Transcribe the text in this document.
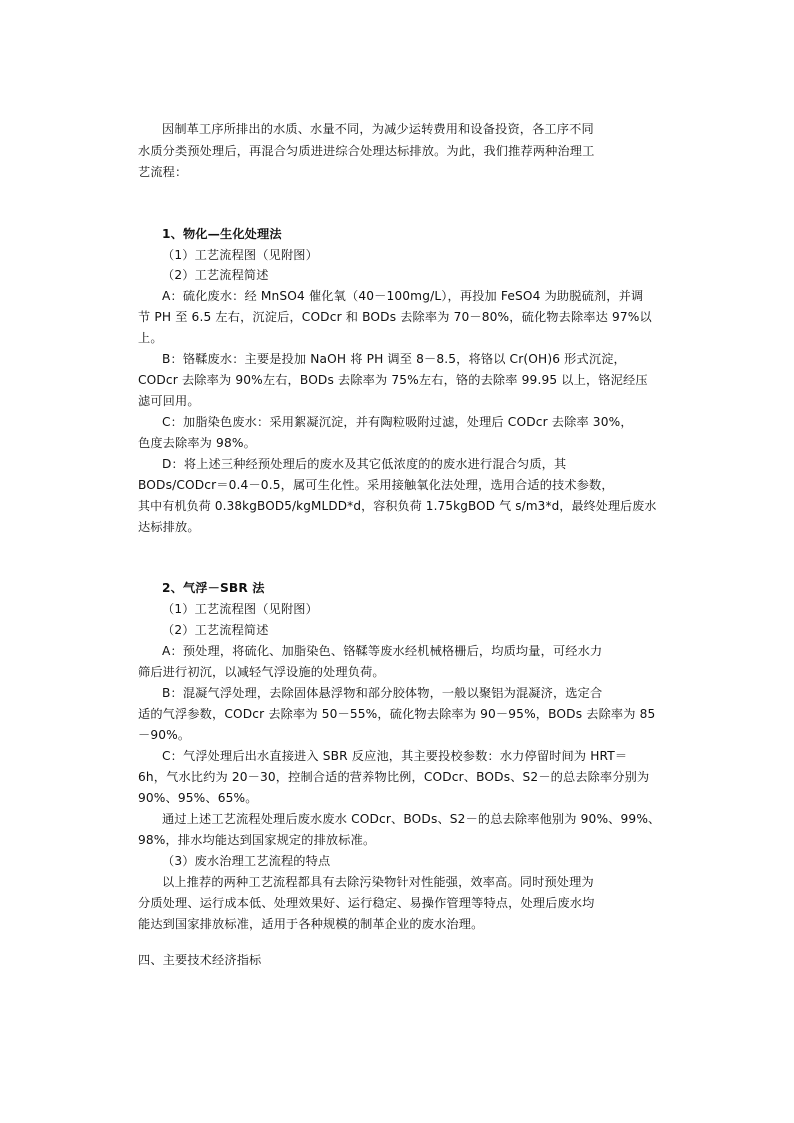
因制革工序所排出的水质、水量不同，为减少运转费用和设备投资，各工序不同
水质分类预处理后，再混合匀质进进综合处理达标排放。为此，我们推荐两种治理工
艺流程：
1、物化—生化处理法
（1）工艺流程图（见附图）
（2）工艺流程简述
A：硫化废水：经 MnSO4 催化氧（40－100mg/L），再投加 FeSO4 为助脱硫剂，并调
节 PH 至 6.5 左右，沉淀后，CODcr 和 BODs 去除率为 70－80%，硫化物去除率达 97%以
上。
B：铬鞣废水：主要是投加 NaOH 将 PH 调至 8－8.5，将铬以 Cr(OH)6 形式沉淀，
CODcr 去除率为 90%左右，BODs 去除率为 75%左右，铬的去除率 99.95 以上，铬泥经压
滤可回用。
C：加脂染色废水：采用絮凝沉淀，并有陶粒吸附过滤，处理后 CODcr 去除率 30%，
色度去除率为 98%。
D：将上述三种经预处理后的废水及其它低浓度的的废水进行混合匀质，其
BODs/CODcr＝0.4－0.5，属可生化性。采用接触氧化法处理，选用合适的技术参数，
其中有机负荷 0.38kgBOD5/kgMLDD*d，容积负荷 1.75kgBOD 气 s/m3*d，最终处理后废水
达标排放。
2、气浮－SBR 法
（1）工艺流程图（见附图）
（2）工艺流程简述
A：预处理，将硫化、加脂染色、铬鞣等废水经机械格栅后，均质均量，可经水力
筛后进行初沉，以减轻气浮设施的处理负荷。
B：混凝气浮处理，去除固体悬浮物和部分胶体物，一般以聚铝为混凝济，选定合
适的气浮参数，CODcr 去除率为 50－55%，硫化物去除率为 90－95%，BODs 去除率为 85
－90%。
C：气浮处理后出水直接进入 SBR 反应池，其主要投校参数：水力停留时间为 HRT＝
6h，气水比约为 20－30，控制合适的营养物比例，CODcr、BODs、S2－的总去除率分别为
90%、95%、65%。
通过上述工艺流程处理后废水废水 CODcr、BODs、S2－的总去除率他别为 90%、99%、
98%，排水均能达到国家规定的排放标准。
（3）废水治理工艺流程的特点
以上推荐的两种工艺流程都具有去除污染物针对性能强，效率高。同时预处理为
分质处理、运行成本低、处理效果好、运行稳定、易操作管理等特点，处理后废水均
能达到国家排放标准，适用于各种规模的制革企业的废水治理。
四、主要技术经济指标
